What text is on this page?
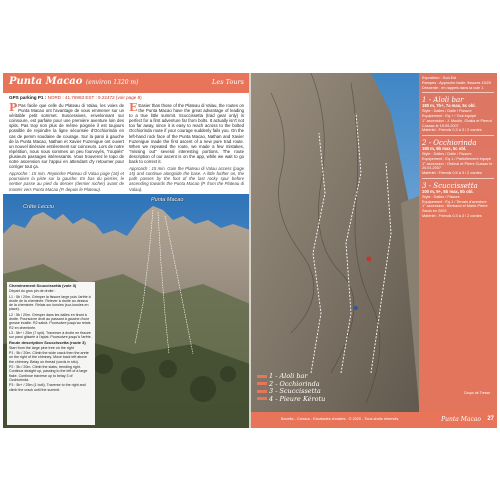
Punta Macao (environ 1320 m)	Les Tours
GPS parking P1 : NORD : 41.76983 EST : 9.22472 (voir page 8)

P Pas facile que celle du Plateau di Valau, les voies de Punta Macao ont l'avantage de vous emmener sur un véritable petit sommet. Suscessives, envelonnant sur coinsoure, est parfaite pour une première aventure loin des spits. Pas trop non plus de même poignée il est toujours possible de rejoindre la ligne sécurisée d'Occhiorinda en cas de pemm soudaine de courage. Sur la paroi à gauche de la Punta Macao, Nathan et Xavier Fuzenigue ont ouvert un nouvel itinéraire entièrement sur coinceurs. Lors de notre répétition, nous nous sommes un peu fourvoyés, "roupiés" plusieurs passages intéressants. Vous trouverez le topo de notre ascension sur l'appui en attendant d'y retourner pour corriger tout ça.

Approche : 15 min. Rejoindre Plateau di Valau page (16) et poursuivre la piste sur la gauche. En bas du pierrier, le sentier passe au pied du dernier (dernier rocher) avant de monter vers Punta Macao (P. depuis le Plateau).

E Easier than those of the Plateau di Valau, the routes on the Punta Macao have the great advantage of leading to a true little summit. Scuccissetta (trad gear only) is perfect for a first adventure far from bolts. It actually isn't not too far away, since it is easy to reach across to the bolted Occhiorinda route if your courage suddenly fails you. On the left-hand rock face of the Punta Macao, Nathan and Xavier Fuzenigue made the first ascent of a new pure trad route. When we repeated the route, we made a few mistakes, "missing out" several interesting portions. The route description of our ascent is on the app, while we wait to go back to correct it.

Approach : 15 min. Gain the Plateau di Valau access (page 15) and continue alongside the base. A little further on, the path passes by the foot of the last rocky spur before ascending towards the Punta Macao (P. from the Plateau di Valau).

Crête Lecciu
Punta Macao

Cheminement Scuccissetta (voie 3)

Départ du gros pin de droite :

L1 : 5b / 20m. Grimper la fissure large puis l'arête à droite de la cheminée. Relever à droite au dessus de la cheminée. Relais sur lunules (sur-lunules en place).

L2 : 5b / 20m. Grimper dans les dalles en tirant à droite. Poursuivre droit au passant à gauche d'une grosse écaille. R2 sabot. Poursuivre jusqu'au relais R2 en cheminée.

L3 : 5b+ / 25m (7 spit). Traverser à droite en fissure sur paroi glissée à l'aplat. Poursuivre jusqu'à l'arête.

Route description Scuccissetta (route 3)

Start from the large pine tree on the right

P1 : 5b / 20m. Climb the wide crack then the arete on the right of the chimney. Move back left above the chimney. Belay on thread (cords in situ).

P2 : 5b / 20m. Climb the slabs, trending right. Continue straight up, passing to the left of a large flake. Continue traverse up to belay 3 of Occhiorinda.

P3 : 5b+ / 25m (1 bolt). Traverse to the right and climb the crack until the summit.

Exposition : Sud-Est
Rampes : Approche facile, fissures 15/20
Descente : en rappels dans la voie 1
1 - Aloli bar
180 m, 7b+, 7a max, 5c obl.
Style : Dalles / Dalle / Fissure
Equipement : Eq.+ / Tout équipé
1° ascension : J. Moulin, Ghalia et Pierrot Cussac le 19.09.2007
Matériel : Friends 0.3 à 3 / 2 cordes
2 - Occhiorinda
180 m, 6b max, 5c obl.
Style : Dalles / Dalle / Fissure
Equipement : Eq.1 / Partiellement équipé
1° ascension : Ordinal et Pierre Cussac le 20.01.2007
Matériel : Friends 0.5 à 3 / 2 cordes
3 - Scuccissetta
100 m, 5+, 5b max, 5b obl.
Style : Dalles / Fissure
Equipement : Eq.1 / Terrain d'aventure
1° ascension : Bertrand et Marie-Pierre Saulo en 2003
Matériel : Friends 0.3 à 3 / 2 cordes
1 - Aloli bar
2 - Occhiorinda
3 - Scuccissetta
4 - Pieure Kérotu
Coups de Tresse
Bavella - Corsica - Escalades choisies - © 2020 - Tous droits réservés	Punta Macao 27
